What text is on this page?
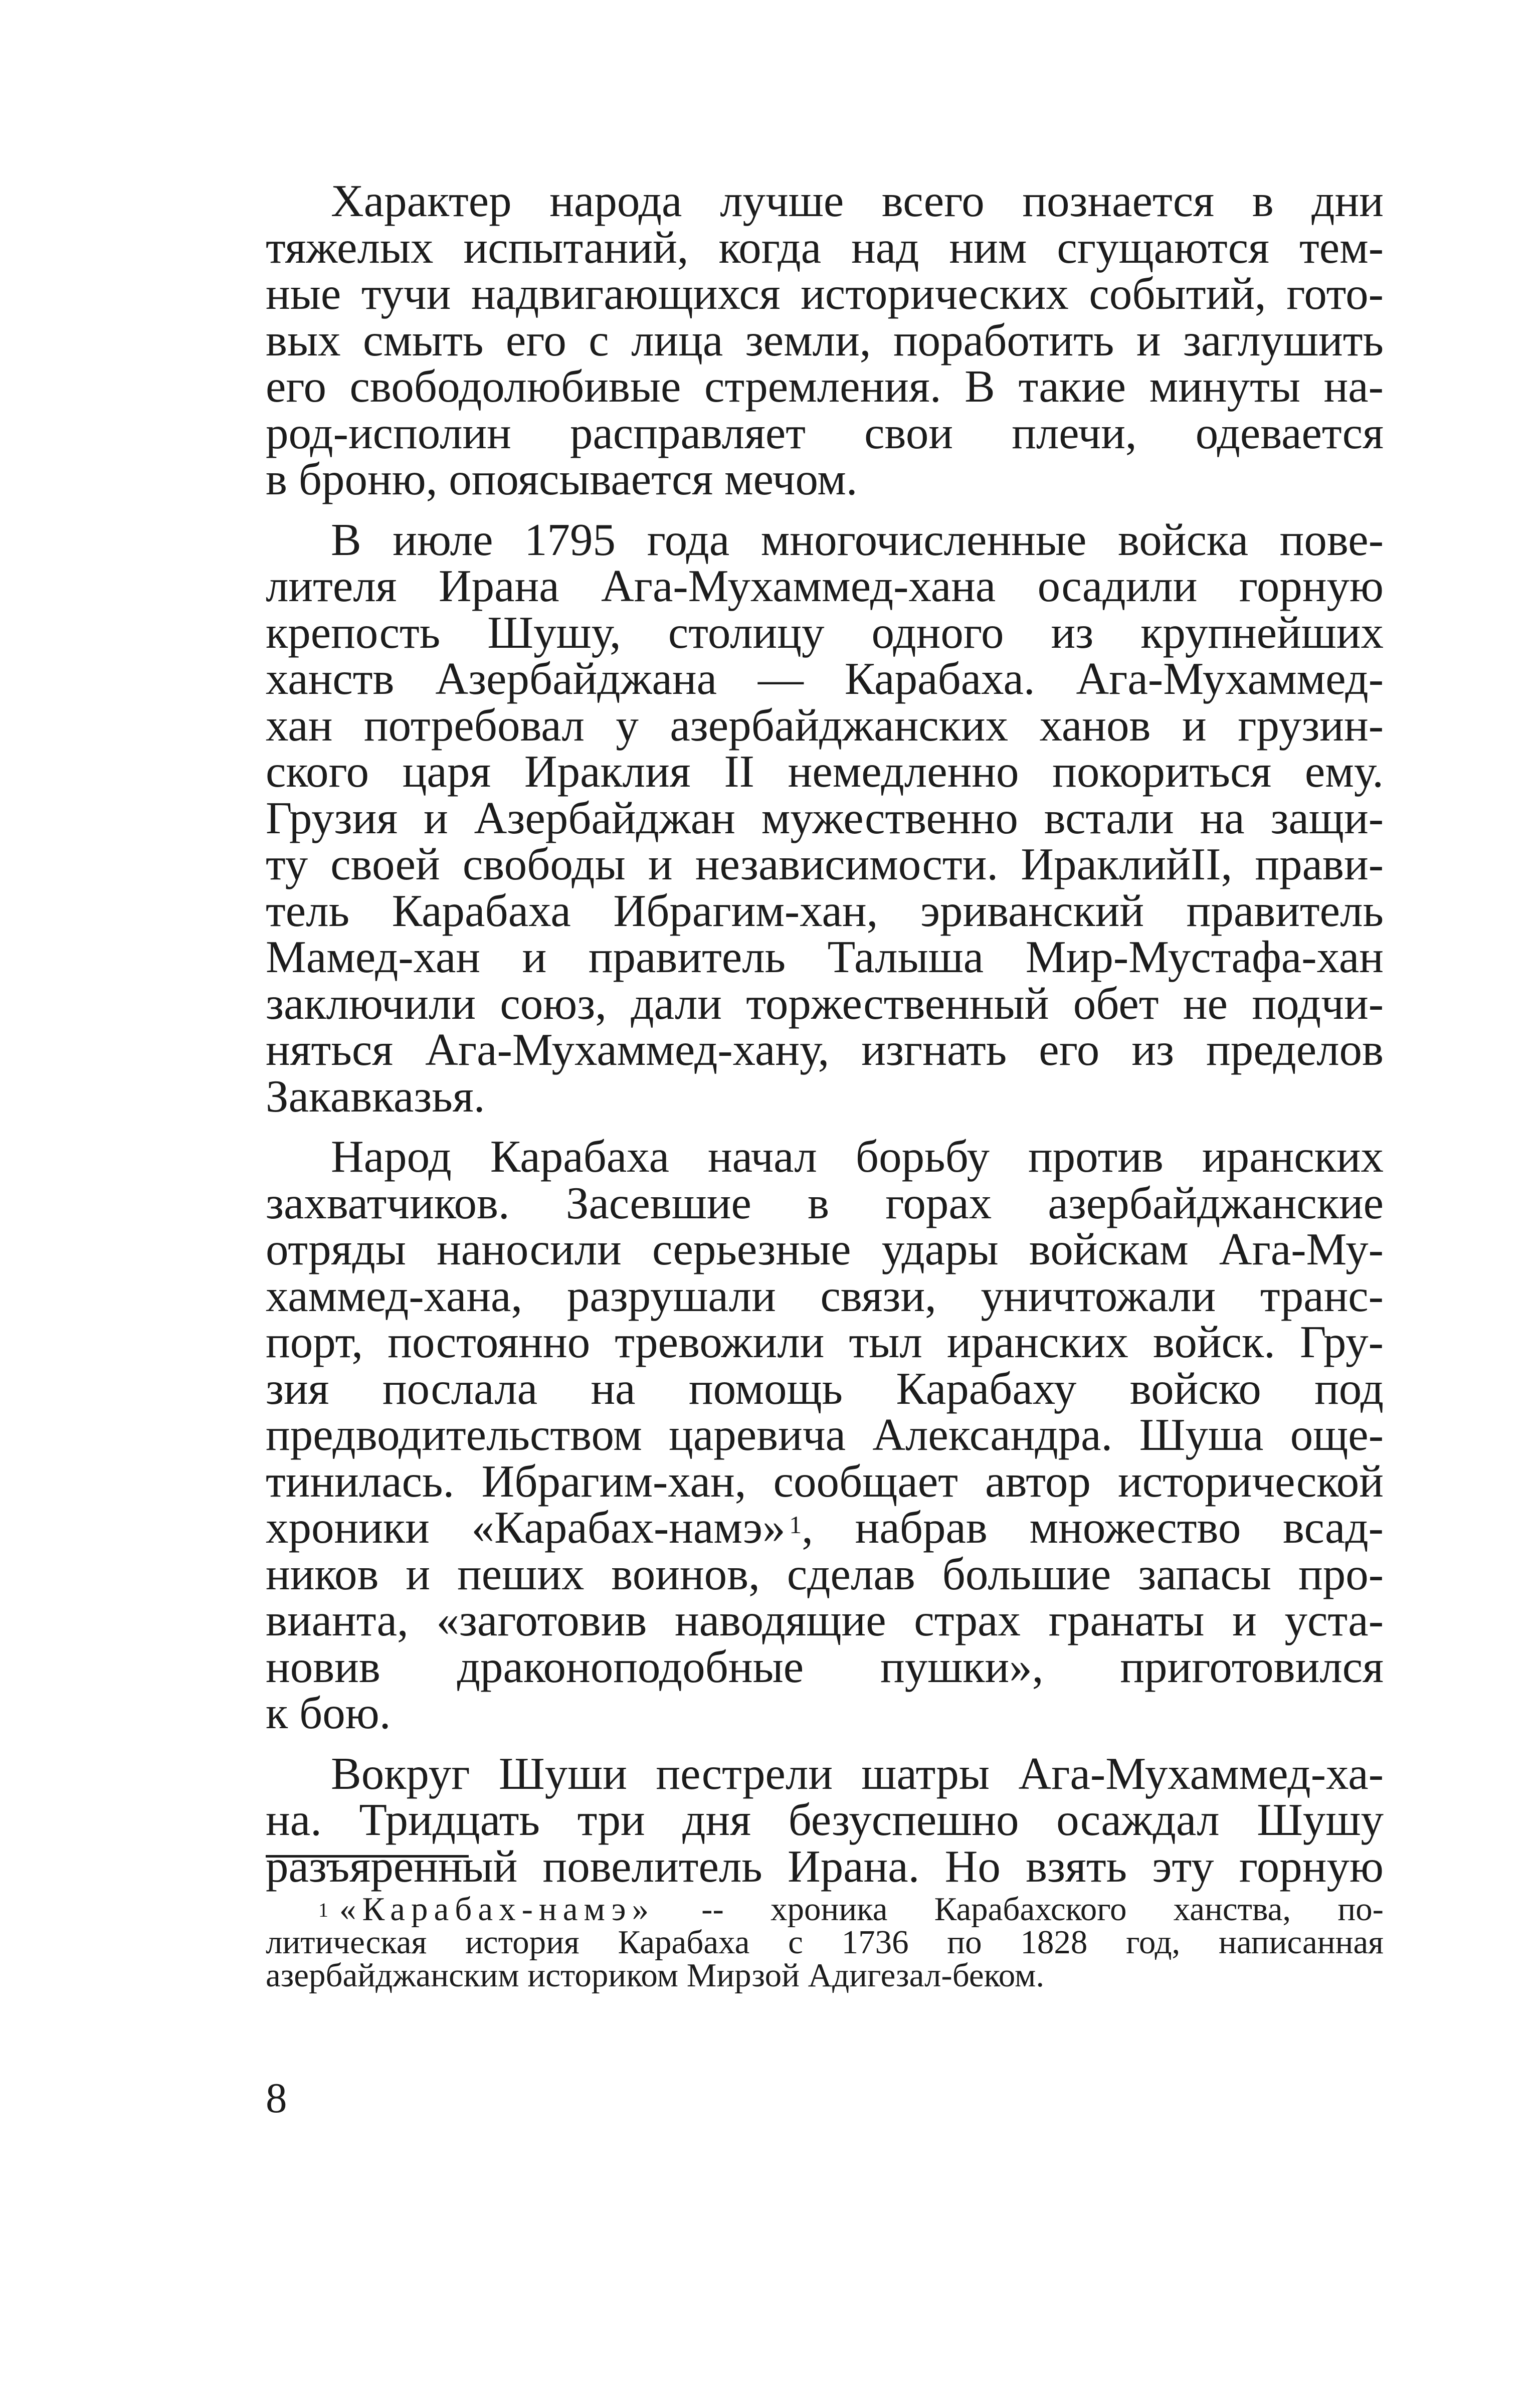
Характер народа лучше всего познается в дни
тяжелых испытаний, когда над ним сгущаются тем-
ные тучи надвигающихся исторических событий, гото-
вых смыть его с лица земли, поработить и заглушить
его свободолюбивые стремления. В такие минуты на-
род-исполин расправляет свои плечи, одевается
в броню, опоясывается мечом.

В июле 1795 года многочисленные войска пове-
лителя Ирана Ага-Мухаммед-хана осадили горную
крепость Шушу, столицу одного из крупнейших
ханств Азербайджана — Карабаха. Ага-Мухаммед-
хан потребовал у азербайджанских ханов и грузин-
ского царя Ираклия II немедленно покориться ему.
Грузия и Азербайджан мужественно встали на защи-
ту своей свободы и независимости. ИраклийII, прави-
тель Карабаха Ибрагим-хан, эриванский правитель
Мамед-хан и правитель Талыша Мир-Мустафа-хан
заключили союз, дали торжественный обет не подчи-
няться Ага-Мухаммед-хану, изгнать его из пределов
Закавказья.

Народ Карабаха начал борьбу против иранских
захватчиков. Засевшие в горах азербайджанские
отряды наносили серьезные удары войскам Ага-Му-
хаммед-хана, разрушали связи, уничтожали транс-
порт, постоянно тревожили тыл иранских войск. Гру-
зия послала на помощь Карабаху войско под
предводительством царевича Александра. Шуша още-
тинилась. Ибрагим-хан, сообщает автор исторической
хроники «Карабах-намэ»  $^1$, набрав множество всад-
ников и пеших воинов, сделав большие запасы про-
вианта, «заготовив наводящие страх гранаты и уста-
новив драконоподобные пушки», приготовился
к бою.

Вокруг Шуши пестрели шатры Ага-Мухаммед-ха-
на. Тридцать три дня безуспешно осаждал Шушу
разъяренный повелитель Ирана. Но взять эту горную

$^1$ «Карабах-намэ» -- хроника Карабахского ханства, по-
литическая история Карабаха с 1736 по 1828 год, написанная
азербайджанским историком Мирзой Адигезал-беком.
8
